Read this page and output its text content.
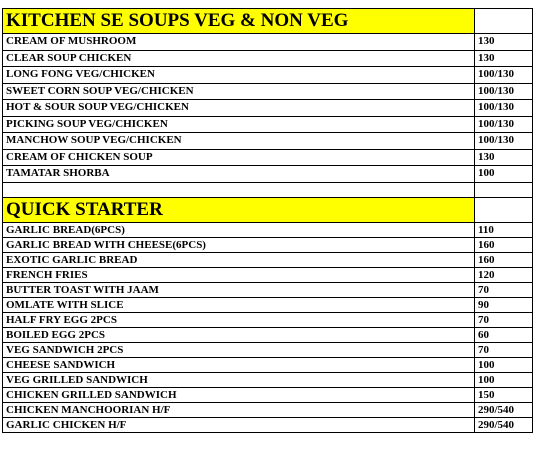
KITCHEN SE SOUPS VEG & NON VEG	
CREAM OF MUSHROOM	130
CLEAR SOUP CHICKEN	130
LONG FONG VEG/CHICKEN	100/130
SWEET CORN SOUP VEG/CHICKEN	100/130
HOT & SOUR SOUP VEG/CHICKEN	100/130
PICKING SOUP VEG/CHICKEN	100/130
MANCHOW SOUP VEG/CHICKEN	100/130
CREAM OF CHICKEN SOUP	130
TAMATAR SHORBA	100

QUICK STARTER	
GARLIC BREAD(6PCS)	110
GARLIC BREAD WITH CHEESE(6PCS)	160
EXOTIC GARLIC BREAD	160
FRENCH FRIES	120
BUTTER TOAST WITH JAAM	70
OMLATE WITH SLICE	90
HALF FRY EGG 2PCS	70
BOILED EGG 2PCS	60
VEG SANDWICH 2PCS	70
CHEESE SANDWICH	100
VEG GRILLED SANDWICH	100
CHICKEN GRILLED SANDWICH	150
CHICKEN MANCHOORIAN H/F	290/540
GARLIC CHICKEN H/F	290/540
